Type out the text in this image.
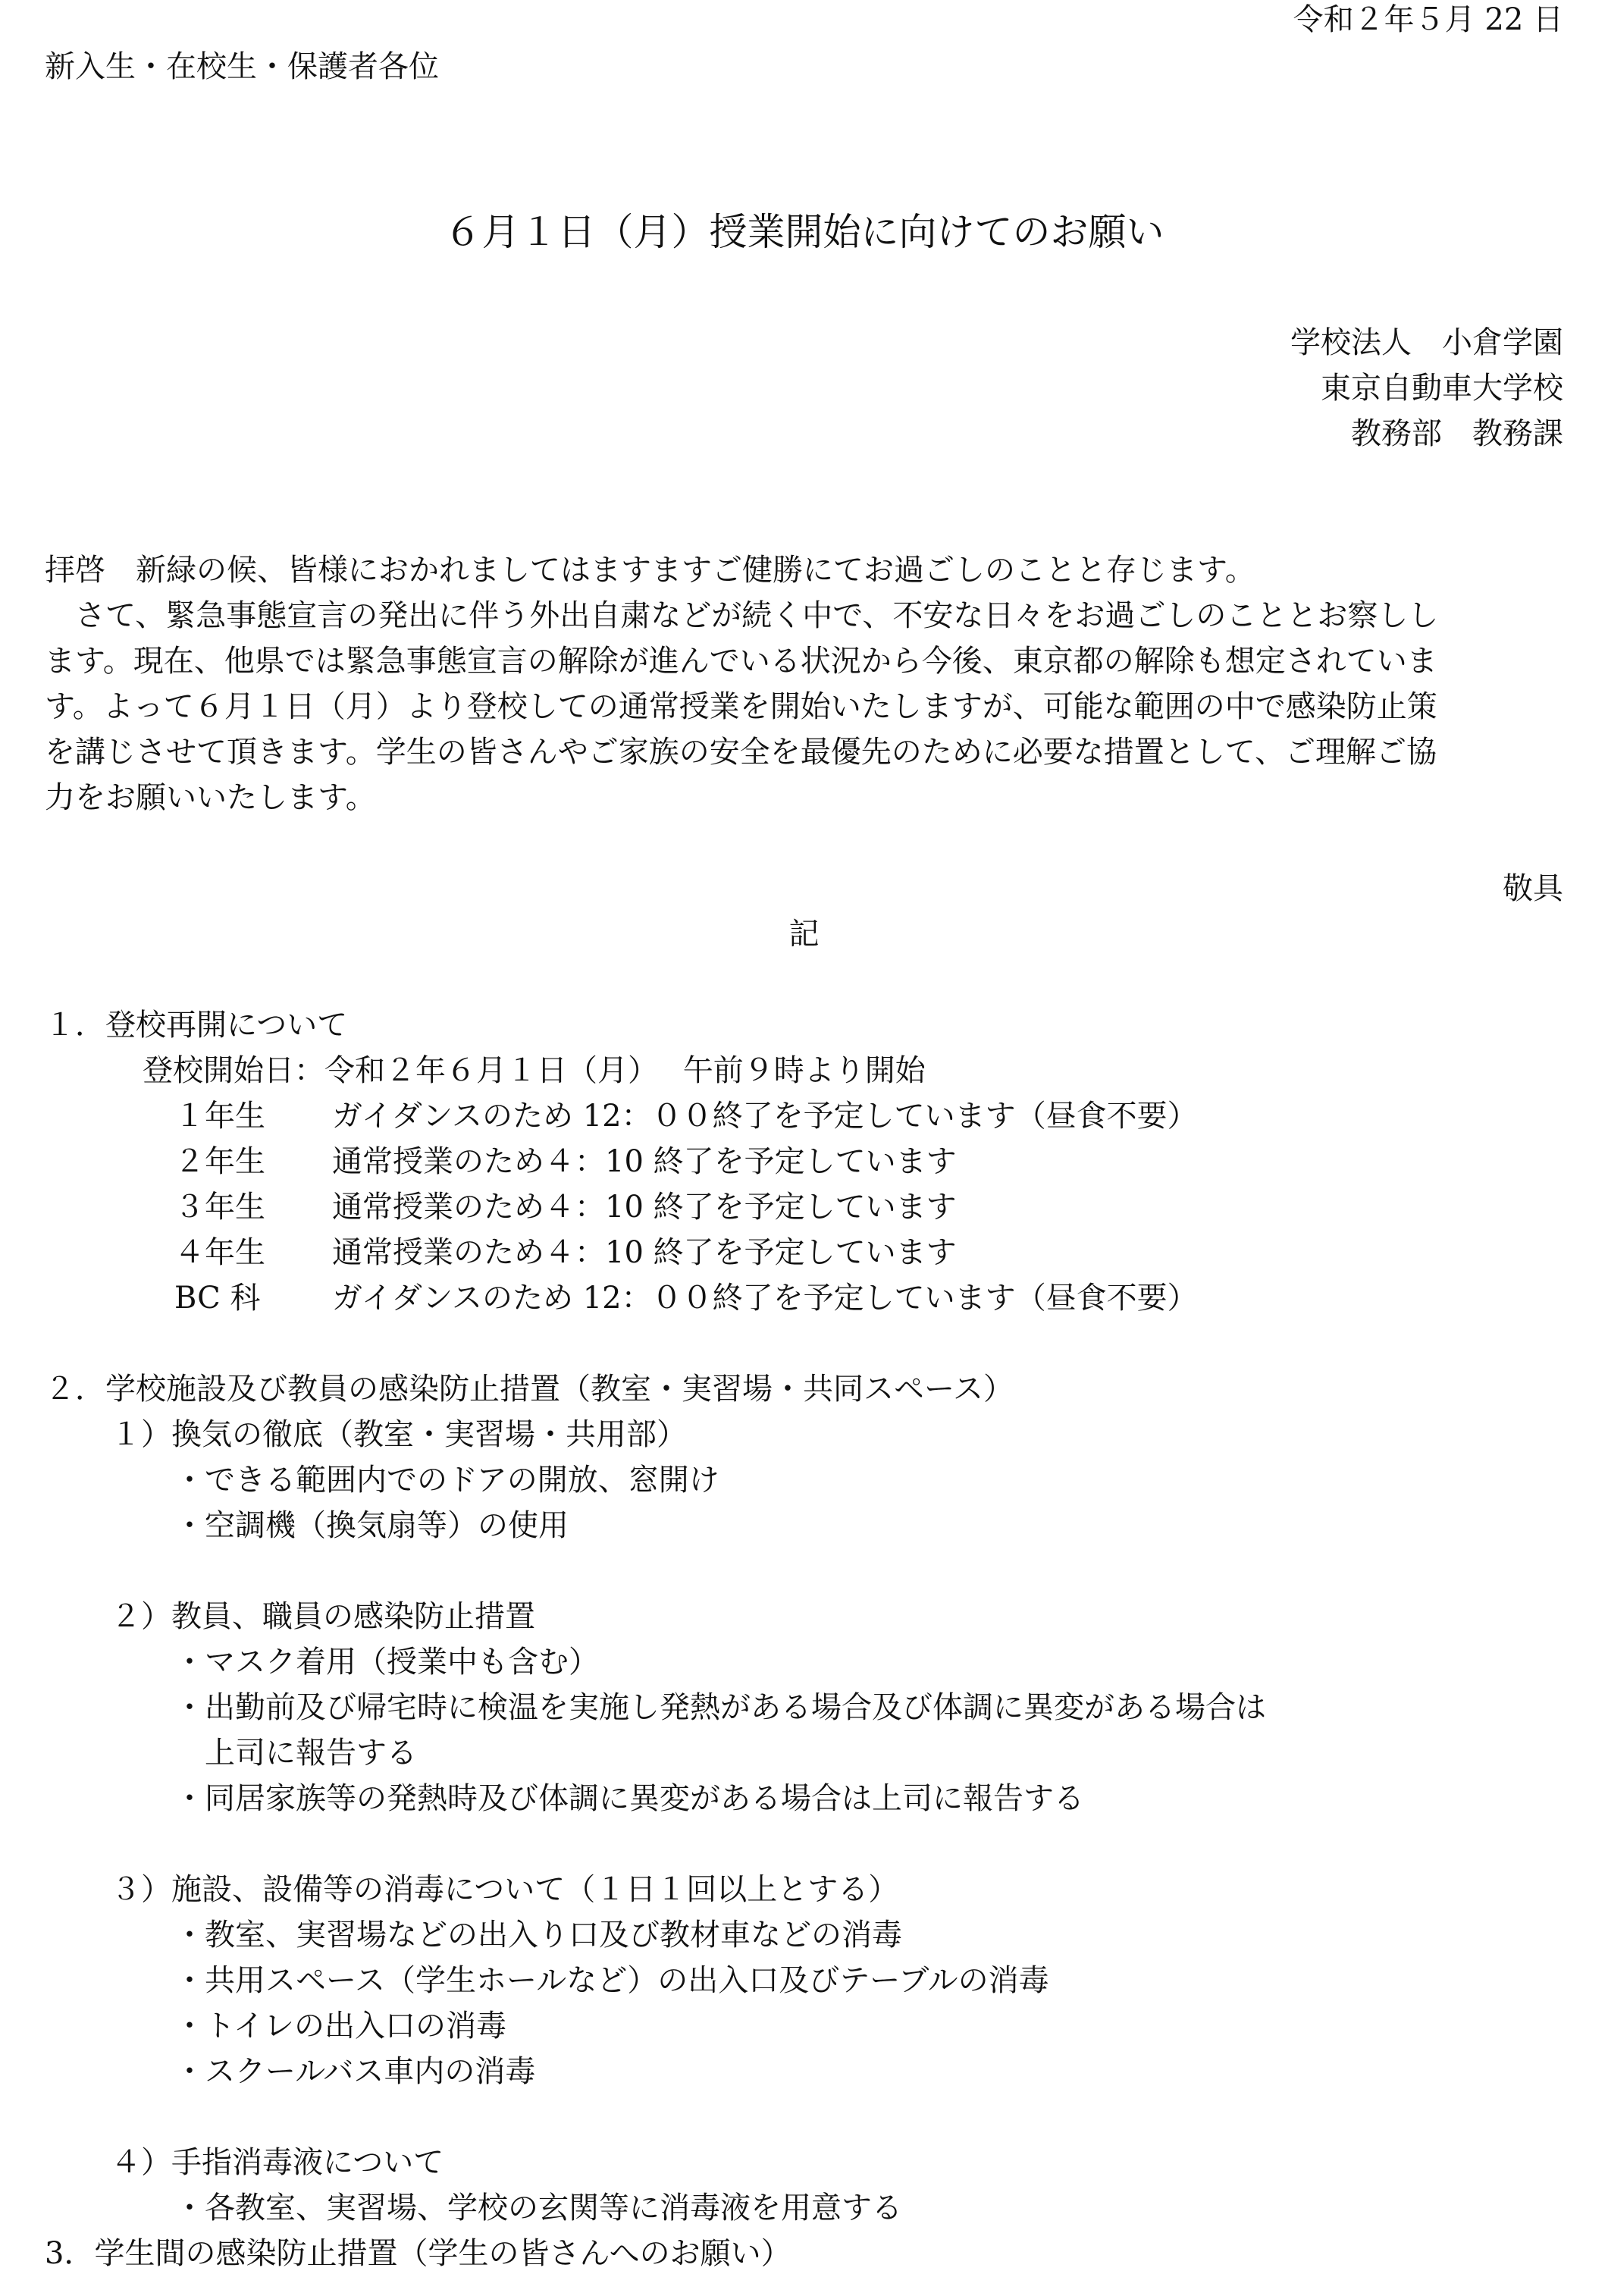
令和２年５月 22 日
新入生・在校生・保護者各位
６月１日（月）授業開始に向けてのお願い
学校法人　小倉学園
東京自動車大学校
教務部　教務課
拝啓　新緑の候、皆様におかれましてはますますご健勝にてお過ごしのことと存じます。
　さて、緊急事態宣言の発出に伴う外出自粛などが続く中で、不安な日々をお過ごしのこととお察しし
ます。現在、他県では緊急事態宣言の解除が進んでいる状況から今後、東京都の解除も想定されていま
す。よって６月１日（月）より登校しての通常授業を開始いたしますが、可能な範囲の中で感染防止策
を講じさせて頂きます。学生の皆さんやご家族の安全を最優先のために必要な措置として、ご理解ご協
力をお願いいたします。
敬具
記
１．登校再開について
登校開始日：令和２年６月１日（月）　 午前９時より開始
１年生 ガイダンスのため 12：００終了を予定しています（昼食不要）
２年生 通常授業のため４：10 終了を予定しています
３年生 通常授業のため４：10 終了を予定しています
４年生 通常授業のため４：10 終了を予定しています
BC 科 ガイダンスのため 12：００終了を予定しています（昼食不要）
２．学校施設及び教員の感染防止措置（教室・実習場・共同スペース）
１）換気の徹底（教室・実習場・共用部）
・できる範囲内でのドアの開放、窓開け
・空調機（換気扇等）の使用
２）教員、職員の感染防止措置
・マスク着用（授業中も含む）
・出勤前及び帰宅時に検温を実施し発熱がある場合及び体調に異変がある場合は
　上司に報告する
・同居家族等の発熱時及び体調に異変がある場合は上司に報告する
３）施設、設備等の消毒について（１日１回以上とする）
・教室、実習場などの出入り口及び教材車などの消毒
・共用スペース（学生ホールなど）の出入口及びテーブルの消毒
・トイレの出入口の消毒
・スクールバス車内の消毒
４）手指消毒液について
・各教室、実習場、学校の玄関等に消毒液を用意する
3．学生間の感染防止措置（学生の皆さんへのお願い）
